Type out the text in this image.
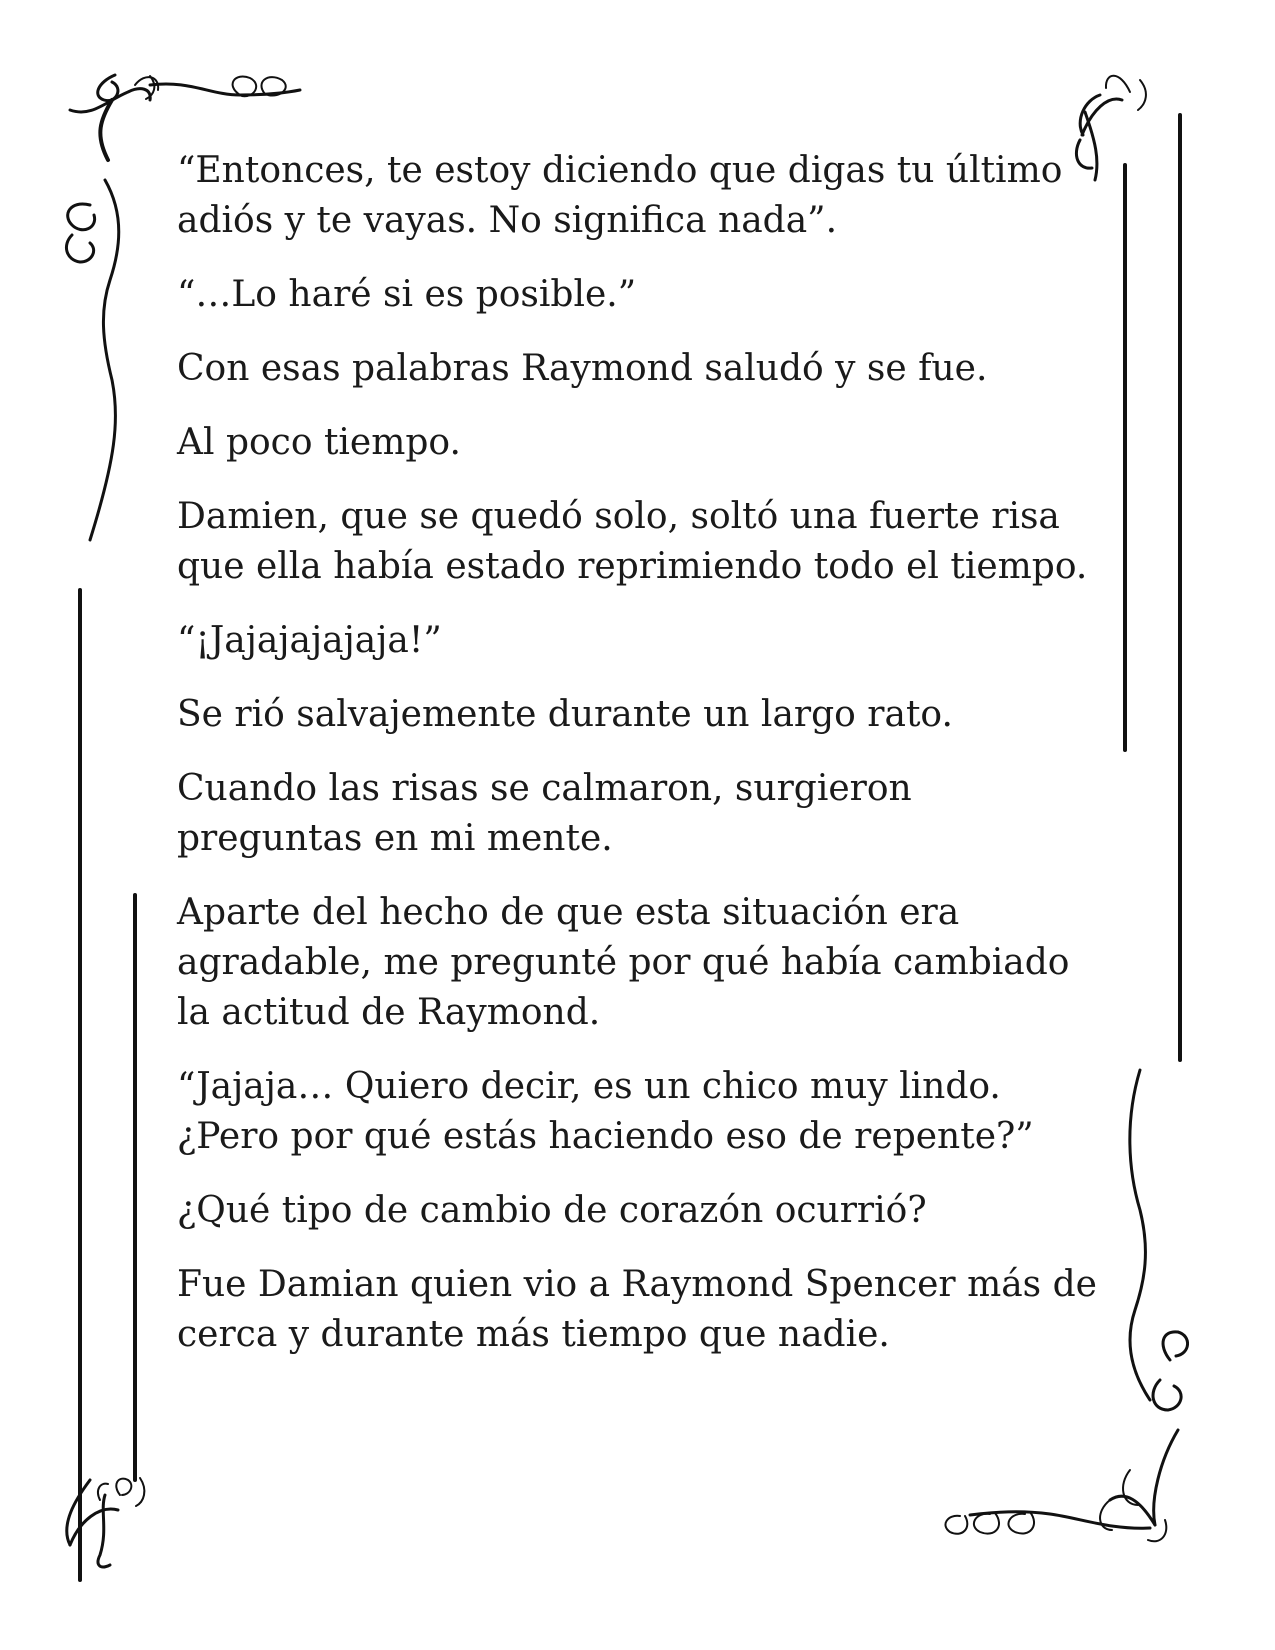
“Entonces, te estoy diciendo que digas tu último adiós y te vayas. No significa nada”.

“…Lo haré si es posible.”

Con esas palabras Raymond saludó y se fue.

Al poco tiempo.

Damien, que se quedó solo, soltó una fuerte risa que ella había estado reprimiendo todo el tiempo.

“¡Jajajajajaja!”

Se rió salvajemente durante un largo rato.

Cuando las risas se calmaron, surgieron preguntas en mi mente.

Aparte del hecho de que esta situación era agradable, me pregunté por qué había cambiado la actitud de Raymond.

“Jajaja… Quiero decir, es un chico muy lindo. ¿Pero por qué estás haciendo eso de repente?”

¿Qué tipo de cambio de corazón ocurrió?

Fue Damian quien vio a Raymond Spencer más de cerca y durante más tiempo que nadie.
